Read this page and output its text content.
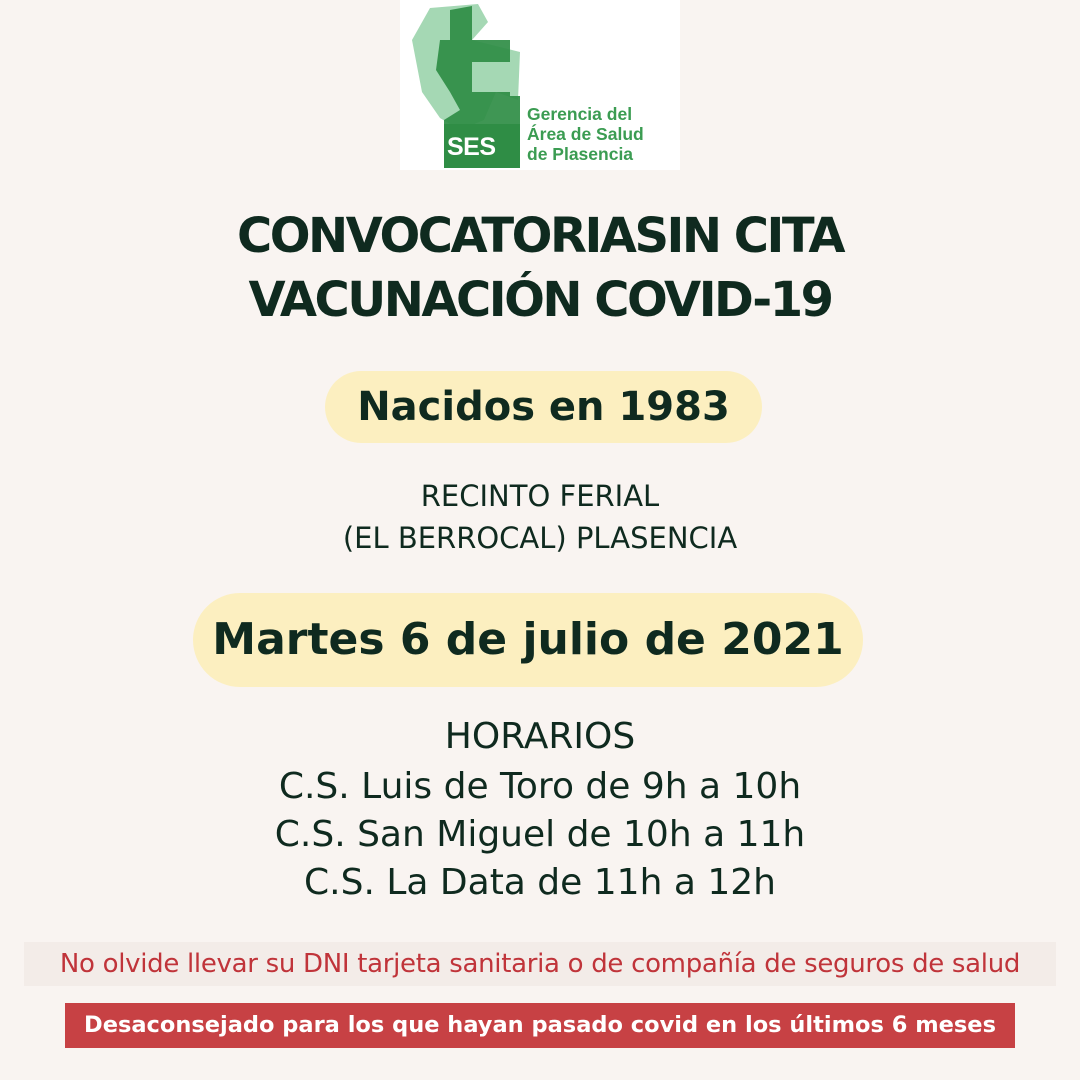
SES
Gerencia del
Área de Salud
de Plasencia
CONVOCATORIASIN CITA
VACUNACIÓN COVID-19
Nacidos en 1983
RECINTO FERIAL
(EL BERROCAL) PLASENCIA
Martes 6 de julio de 2021
HORARIOS
C.S. Luis de Toro de 9h a 10h
C.S. San Miguel de 10h a 11h
C.S. La Data de 11h a 12h
No olvide llevar su DNI tarjeta sanitaria o de compañía de seguros de salud
Desaconsejado para los que hayan pasado covid en los últimos 6 meses
